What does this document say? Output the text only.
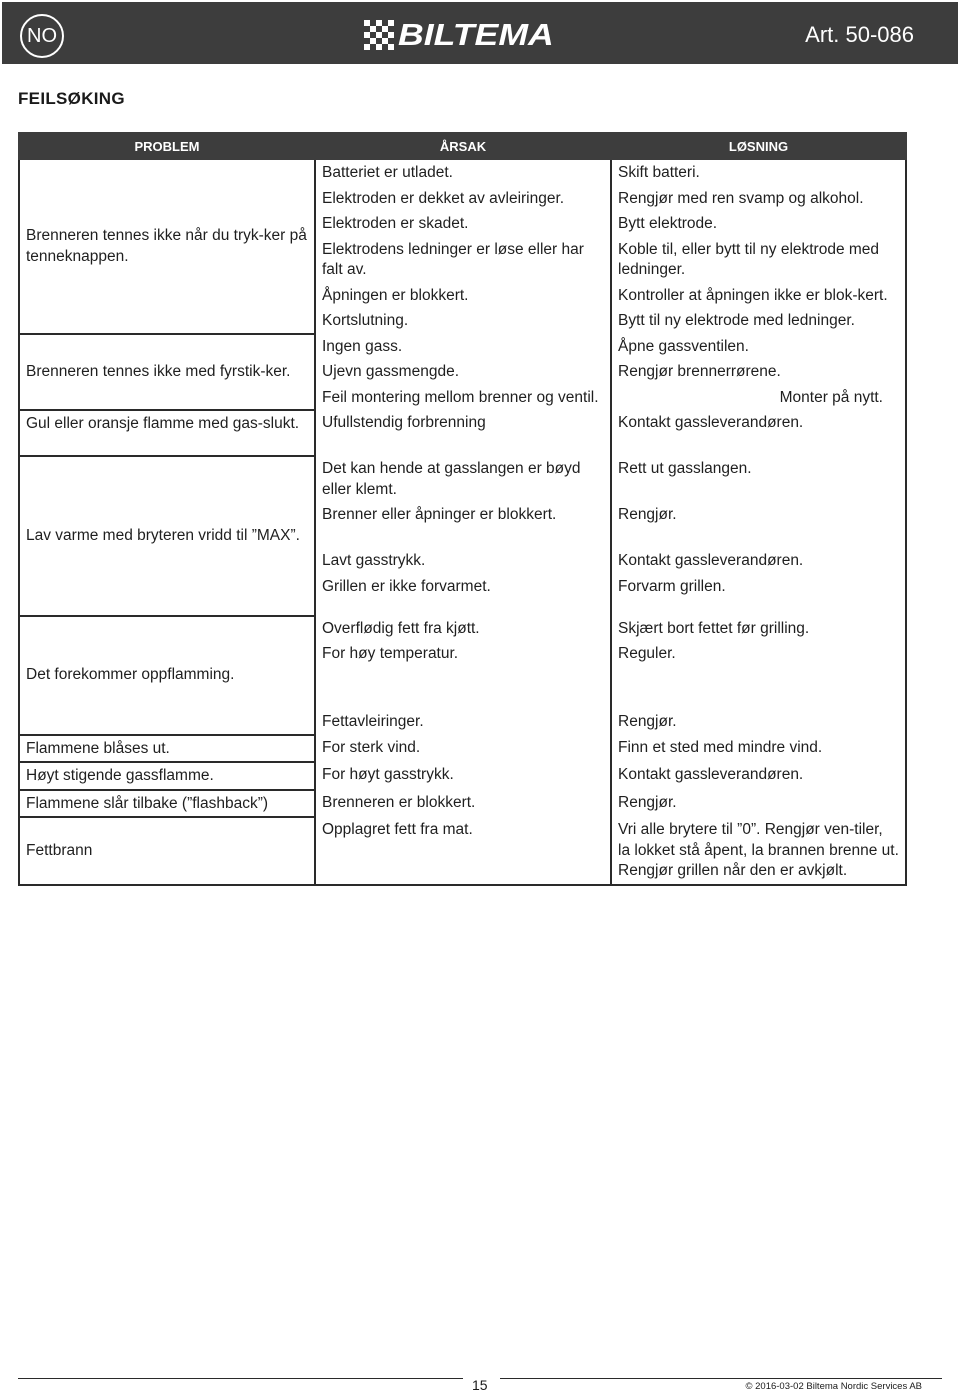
NO	BILTEMA	Art. 50-086
FEILSØKING
PROBLEM	ÅRSAK	LØSNING
Brenneren tennes ikke når du tryk-ker på tenneknappen.	Batteriet er utladet.	Skift batteri.
	Elektroden er dekket av avleiringer.	Rengjør med ren svamp og alkohol.
	Elektroden er skadet.	Bytt elektrode.
	Elektrodens ledninger er løse eller har falt av.	Koble til, eller bytt til ny elektrode med ledninger.
	Åpningen er blokkert.	Kontroller at åpningen ikke er blok-kert.
	Kortslutning.	Bytt til ny elektrode med ledninger.
Brenneren tennes ikke med fyrstik-ker.	Ingen gass.	Åpne gassventilen.
	Ujevn gassmengde.	Rengjør brennerrørene.
	Feil montering mellom brenner og ventil.	Monter på nytt.
Gul eller oransje flamme med gas-slukt.	Ufullstendig forbrenning	Kontakt gassleverandøren.
Lav varme med bryteren vridd til ”MAX”.	Det kan hende at gasslangen er bøyd eller klemt.	Rett ut gasslangen.
	Brenner eller åpninger er blokkert.	Rengjør.
	Lavt gasstrykk.	Kontakt gassleverandøren.
	Grillen er ikke forvarmet.	Forvarm grillen.
Det forekommer oppflamming.	Overflødig fett fra kjøtt.	Skjært bort fettet før grilling.
	For høy temperatur.	Reguler.
	Fettavleiringer.	Rengjør.
Flammene blåses ut.	For sterk vind.	Finn et sted med mindre vind.
Høyt stigende gassflamme.	For høyt gasstrykk.	Kontakt gassleverandøren.
Flammene slår tilbake (”flashback”)	Brenneren er blokkert.	Rengjør.
Fettbrann	Opplagret fett fra mat.	Vri alle brytere til ”0”. Rengjør ven-tiler, la lokket stå åpent, la brannen brenne ut. Rengjør grillen når den er avkjølt.
15	© 2016-03-02 Biltema Nordic Services AB
